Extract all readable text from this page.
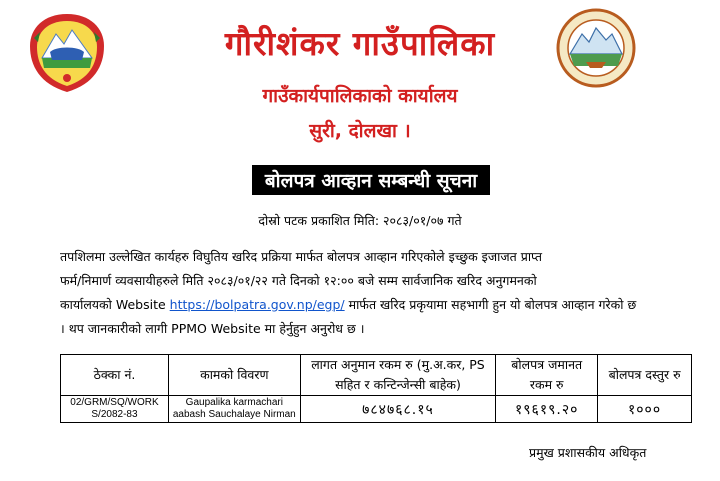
गौरीशंकर गाउँपालिका
गाउँकार्यपालिकाको कार्यालय
सुरी, दोलखा ।
बोलपत्र आव्हान सम्बन्धी सूचना
दोस्रो पटक प्रकाशित मिति: २०८३/०१/०७ गते
तपशिलमा उल्लेखित कार्यहरु विघुतिय खरिद प्रक्रिया मार्फत बोलपत्र आव्हान गरिएकोले इच्छुक इजाजत प्राप्त
फर्म/निमार्ण व्यवसायीहरुले मिति २०८३/०१/२२ गते दिनको १२:०० बजे सम्म सार्वजानिक खरिद अनुगमनको
कार्यालयको Website https://bolpatra.gov.np/egp/ मार्फत खरिद प्रकृयामा सहभागी हुन यो बोलपत्र आव्हान गरेको छ
। थप जानकारीको लागी PPMO Website मा हेर्नुहुन अनुरोध छ ।
ठेक्का नं.	कामको विवरण	लागत अनुमान रकम रु (मु.अ.कर, PS सहित र कन्टिन्जेन्सी बाहेक)	बोलपत्र जमानत रकम रु	बोलपत्र दस्तुर रु
02/GRM/SQ/WORK S/2082-83	Gaupalika karmachari aabash Sauchalaye Nirman	७८४७६८.१५	१९६१९.२०	१०००
प्रमुख प्रशासकीय अधिकृत
